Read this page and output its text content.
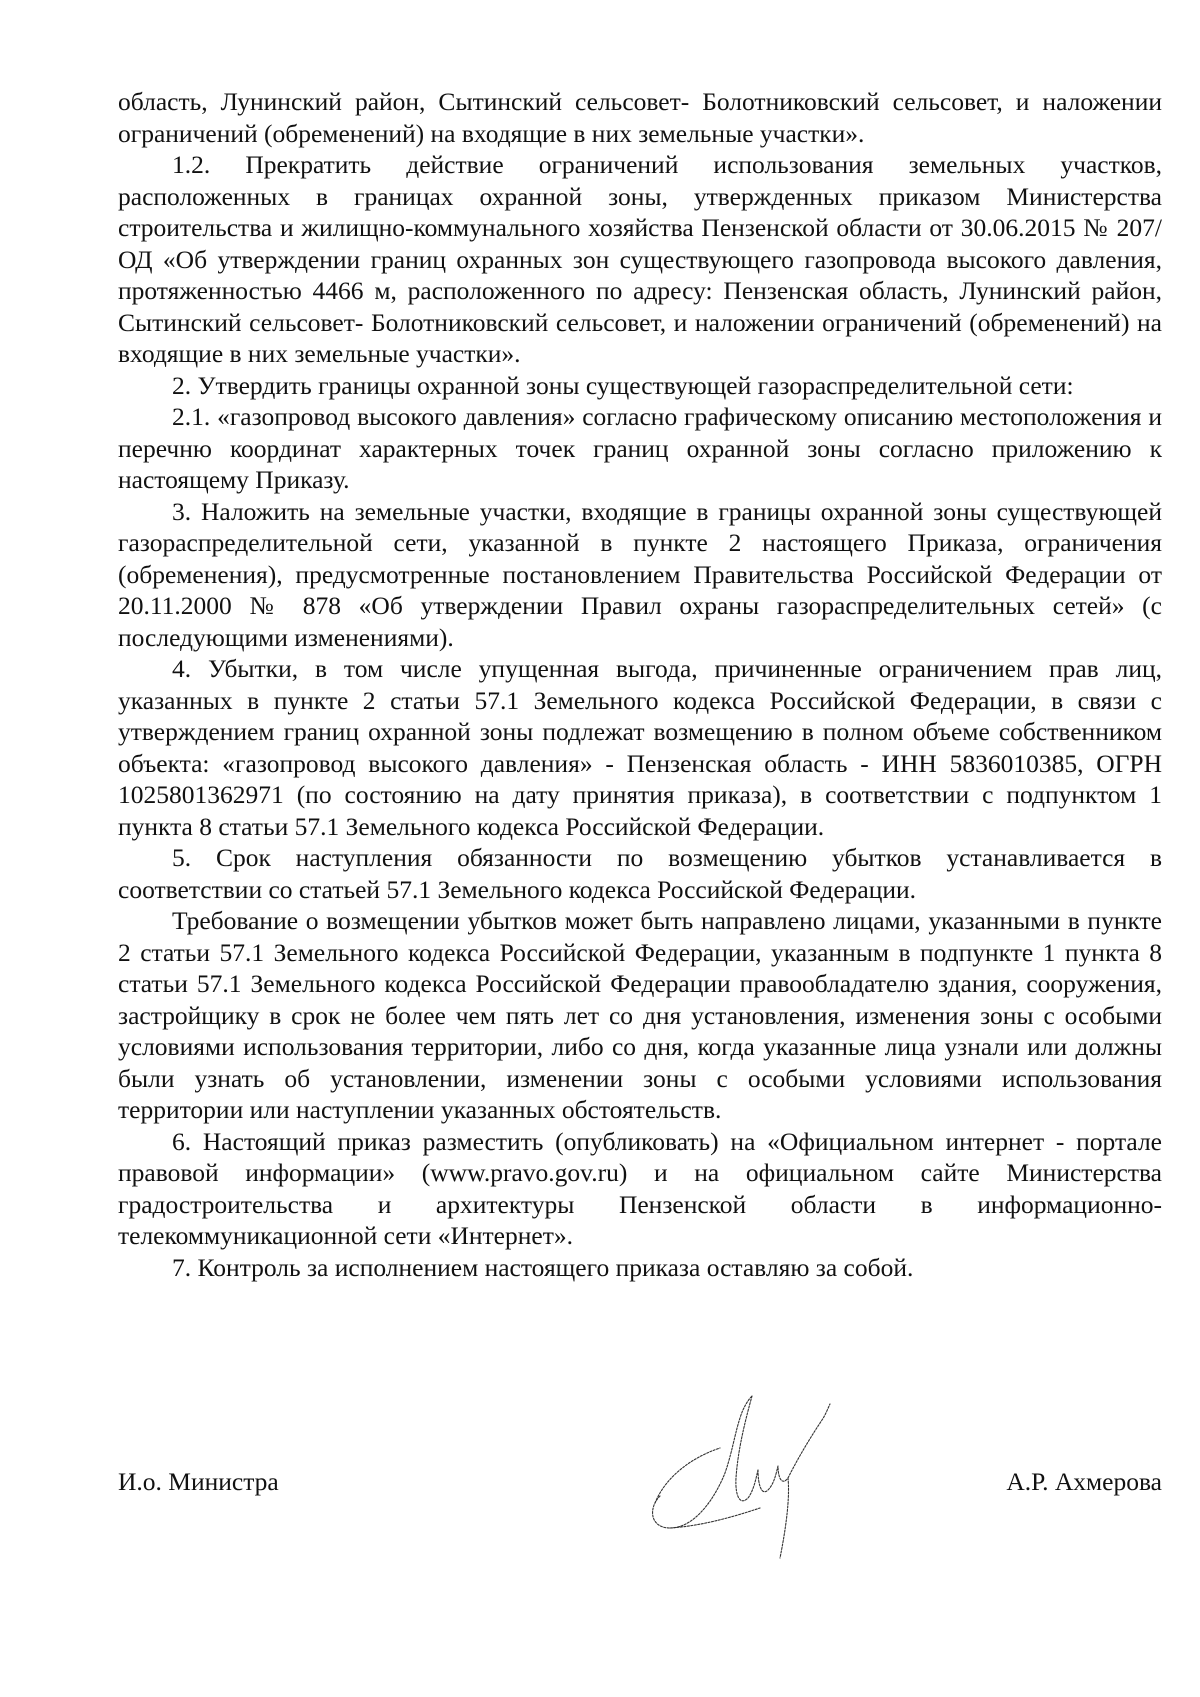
область, Лунинский район, Сытинский сельсовет- Болотниковский сельсовет, и наложении ограничений (обременений) на входящие в них земельные участки».

1.2. Прекратить действие ограничений использования земельных участков, расположенных в границах охранной зоны, утвержденных приказом Министерства строительства и жилищно-коммунального хозяйства Пензенской области от 30.06.2015 № 207/ОД «Об утверждении границ охранных зон существующего газопровода высокого давления, протяженностью 4466 м, расположенного по адресу: Пензенская область, Лунинский район, Сытинский сельсовет- Болотниковский сельсовет, и наложении ограничений (обременений) на входящие в них земельные участки».

2. Утвердить границы охранной зоны существующей газораспределительной сети:

2.1. «газопровод высокого давления» согласно графическому описанию местоположения и перечню координат характерных точек границ охранной зоны согласно приложению к настоящему Приказу.

3. Наложить на земельные участки, входящие в границы охранной зоны существующей газораспределительной сети, указанной в пункте 2 настоящего Приказа, ограничения (обременения), предусмотренные постановлением Правительства Российской Федерации от 20.11.2000 № 878 «Об утверждении Правил охраны газораспределительных сетей» (с последующими изменениями).

4. Убытки, в том числе упущенная выгода, причиненные ограничением прав лиц, указанных в пункте 2 статьи 57.1 Земельного кодекса Российской Федерации, в связи с утверждением границ охранной зоны подлежат возмещению в полном объеме собственником объекта: «газопровод высокого давления» - Пензенская область - ИНН 5836010385, ОГРН 1025801362971 (по состоянию на дату принятия приказа), в соответствии с подпунктом 1 пункта 8 статьи 57.1 Земельного кодекса Российской Федерации.

5. Срок наступления обязанности по возмещению убытков устанавливается в соответствии со статьей 57.1 Земельного кодекса Российской Федерации.

Требование о возмещении убытков может быть направлено лицами, указанными в пункте 2 статьи 57.1 Земельного кодекса Российской Федерации, указанным в подпункте 1 пункта 8 статьи 57.1 Земельного кодекса Российской Федерации правообладателю здания, сооружения, застройщику в срок не более чем пять лет со дня установления, изменения зоны с особыми условиями использования территории, либо со дня, когда указанные лица узнали или должны были узнать об установлении, изменении зоны с особыми условиями использования территории или наступлении указанных обстоятельств.

6. Настоящий приказ разместить (опубликовать) на «Официальном интернет - портале правовой информации» (www.pravo.gov.ru) и на официальном сайте Министерства градостроительства и архитектуры Пензенской области в информационно-телекоммуникационной сети «Интернет».

7. Контроль за исполнением настоящего приказа оставляю за собой.

И.о. Министра	А.Р. Ахмерова
